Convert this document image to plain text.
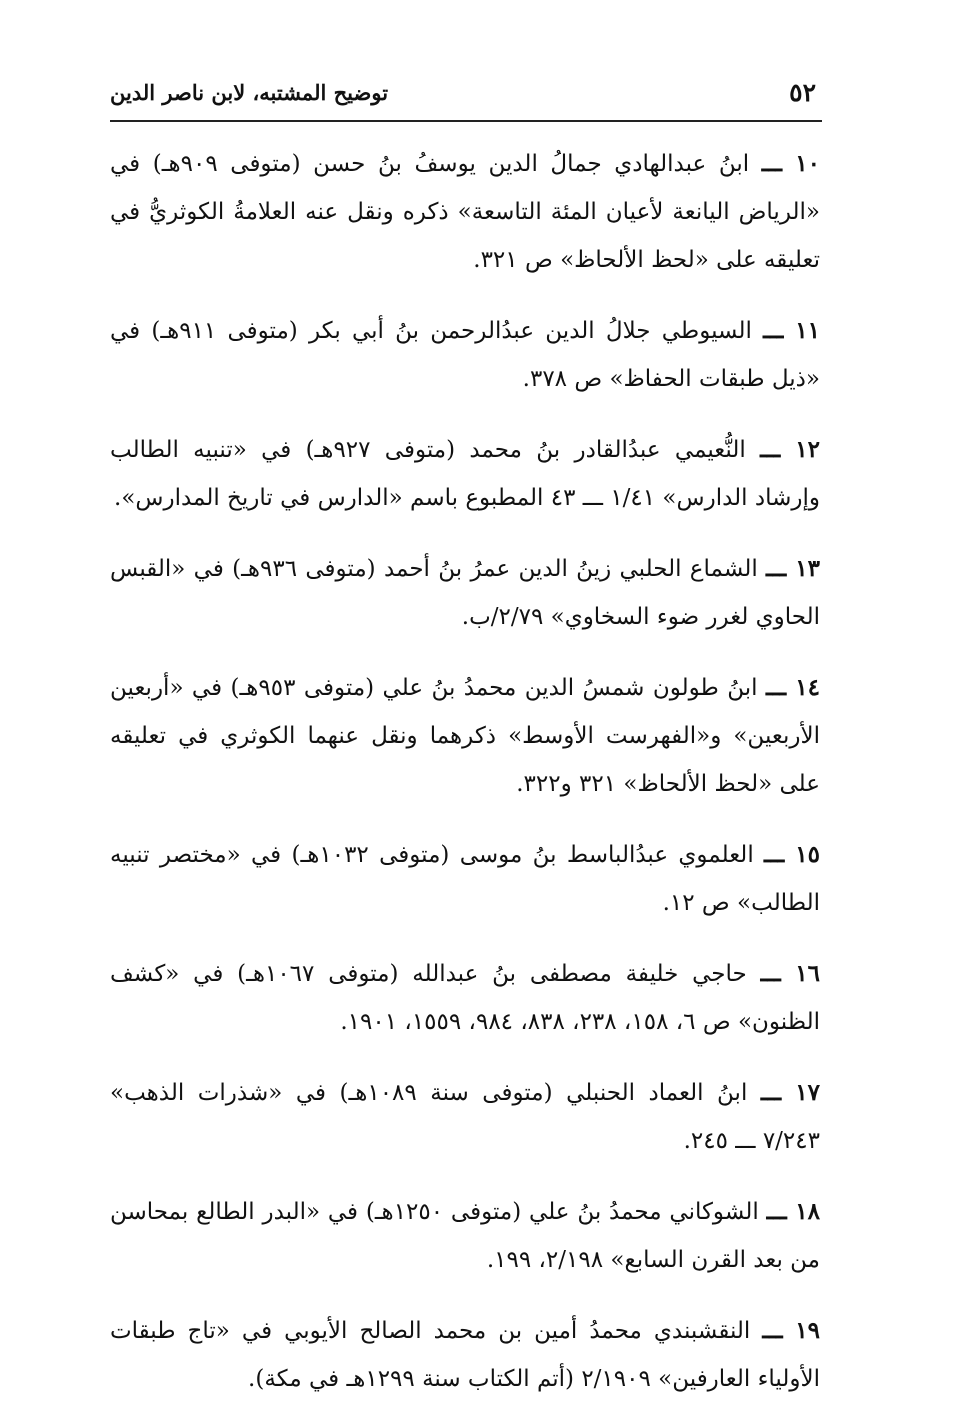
توضيح المشتبه، لابن ناصر الدين	٥٢

١٠ ـــ ابنُ عبدالهادي جمالُ الدين يوسفُ بنُ حسن (متوفى ٩٠٩هـ) في «الرياض اليانعة لأعيان المئة التاسعة» ذكره ونقل عنه العلامةُ الكوثريُّ في تعليقه على «لحظ الألحاظ» ص ٣٢١.

١١ ـــ السيوطي جلالُ الدين عبدُالرحمن بنُ أبي بكر (متوفى ٩١١هـ) في «ذيل طبقات الحفاظ» ص ٣٧٨.

١٢ ـــ النُّعيمي عبدُالقادر بنُ محمد (متوفى ٩٢٧هـ) في «تنبيه الطالب وإرشاد الدارس» ١/٤١ ـــ ٤٣ المطبوع باسم «الدارس في تاريخ المدارس».

١٣ ـــ الشماع الحلبي زينُ الدين عمرُ بنُ أحمد (متوفى ٩٣٦هـ) في «القبس الحاوي لغرر ضوء السخاوي» ٢/٧٩/ب.

١٤ ـــ ابنُ طولون شمسُ الدين محمدُ بنُ علي (متوفى ٩٥٣هـ) في «أربعين الأربعين» و«الفهرست الأوسط» ذكرهما ونقل عنهما الكوثري في تعليقه على «لحظ الألحاظ» ٣٢١ و٣٢٢.

١٥ ـــ العلموي عبدُالباسط بنُ موسى (متوفى ١٠٣٢هـ) في «مختصر تنبيه الطالب» ص ١٢.

١٦ ـــ حاجي خليفة مصطفى بنُ عبدالله (متوفى ١٠٦٧هـ) في «كشف الظنون» ص ٦، ١٥٨، ٢٣٨، ٨٣٨، ٩٨٤، ١٥٥٩، ١٩٠١.

١٧ ـــ ابنُ العماد الحنبلي (متوفى سنة ١٠٨٩هـ) في «شذرات الذهب» ٧/٢٤٣ ـــ ٢٤٥.

١٨ ـــ الشوكاني محمدُ بنُ علي (متوفى ١٢٥٠هـ) في «البدر الطالع بمحاسن من بعد القرن السابع» ٢/١٩٨، ١٩٩.

١٩ ـــ النقشبندي محمدُ أمين بن محمد الصالح الأيوبي في «تاج طبقات الأولياء العارفين» ٢/١٩٠٩ (أتم الكتاب سنة ١٢٩٩هـ في مكة).
